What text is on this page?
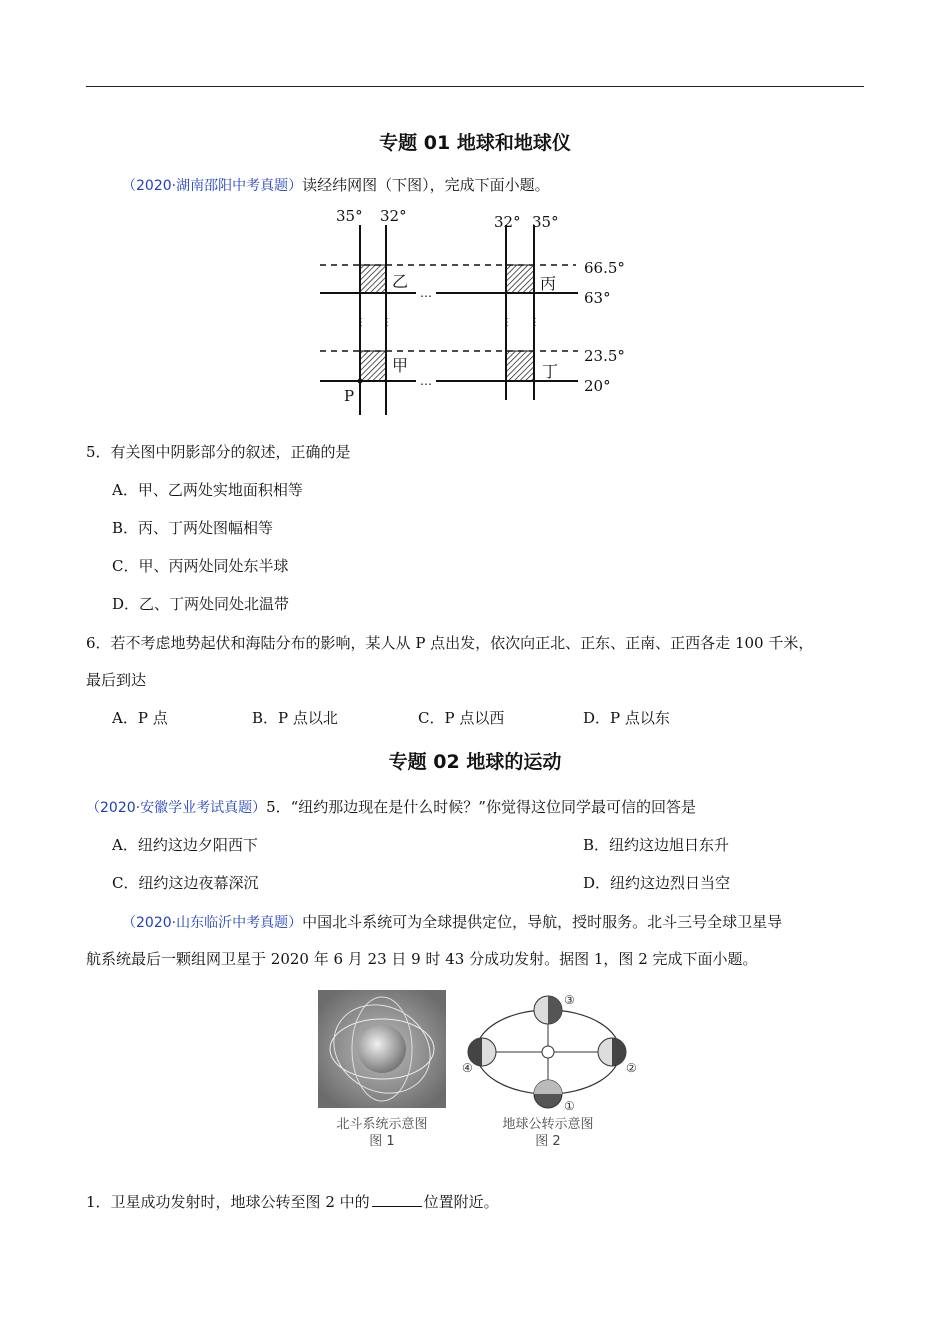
专题 01 地球和地球仪
（2020·湖南邵阳中考真题）读经纬网图（下图），完成下面小题。
…
…
⋮ ⋮	⋮ ⋮
35° 32°	32° 35°
66.5°
63°
23.5°
20°
乙	丙
甲	丁
P
5．有关图中阴影部分的叙述，正确的是
A．甲、乙两处实地面积相等
B．丙、丁两处图幅相等
C．甲、丙两处同处东半球
D．乙、丁两处同处北温带
6．若不考虑地势起伏和海陆分布的影响，某人从 P 点出发，依次向正北、正东、正南、正西各走 100 千米，
最后到达
A．P 点	B．P 点以北	C．P 点以西	D．P 点以东
专题 02 地球的运动
（2020·安徽学业考试真题）5．“纽约那边现在是什么时候？”你觉得这位同学最可信的回答是
A．纽约这边夕阳西下	B．纽约这边旭日东升
C．纽约这边夜幕深沉	D．纽约这边烈日当空
（2020·山东临沂中考真题）中国北斗系统可为全球提供定位，导航，授时服务。北斗三号全球卫星导
航系统最后一颗组网卫星于 2020 年 6 月 23 日 9 时 43 分成功发射。据图 1，图 2 完成下面小题。
北斗系统示意图
图 1
①
②
③
④
地球公转示意图
图 2
1．卫星成功发射时，地球公转至图 2 中的	位置附近。
